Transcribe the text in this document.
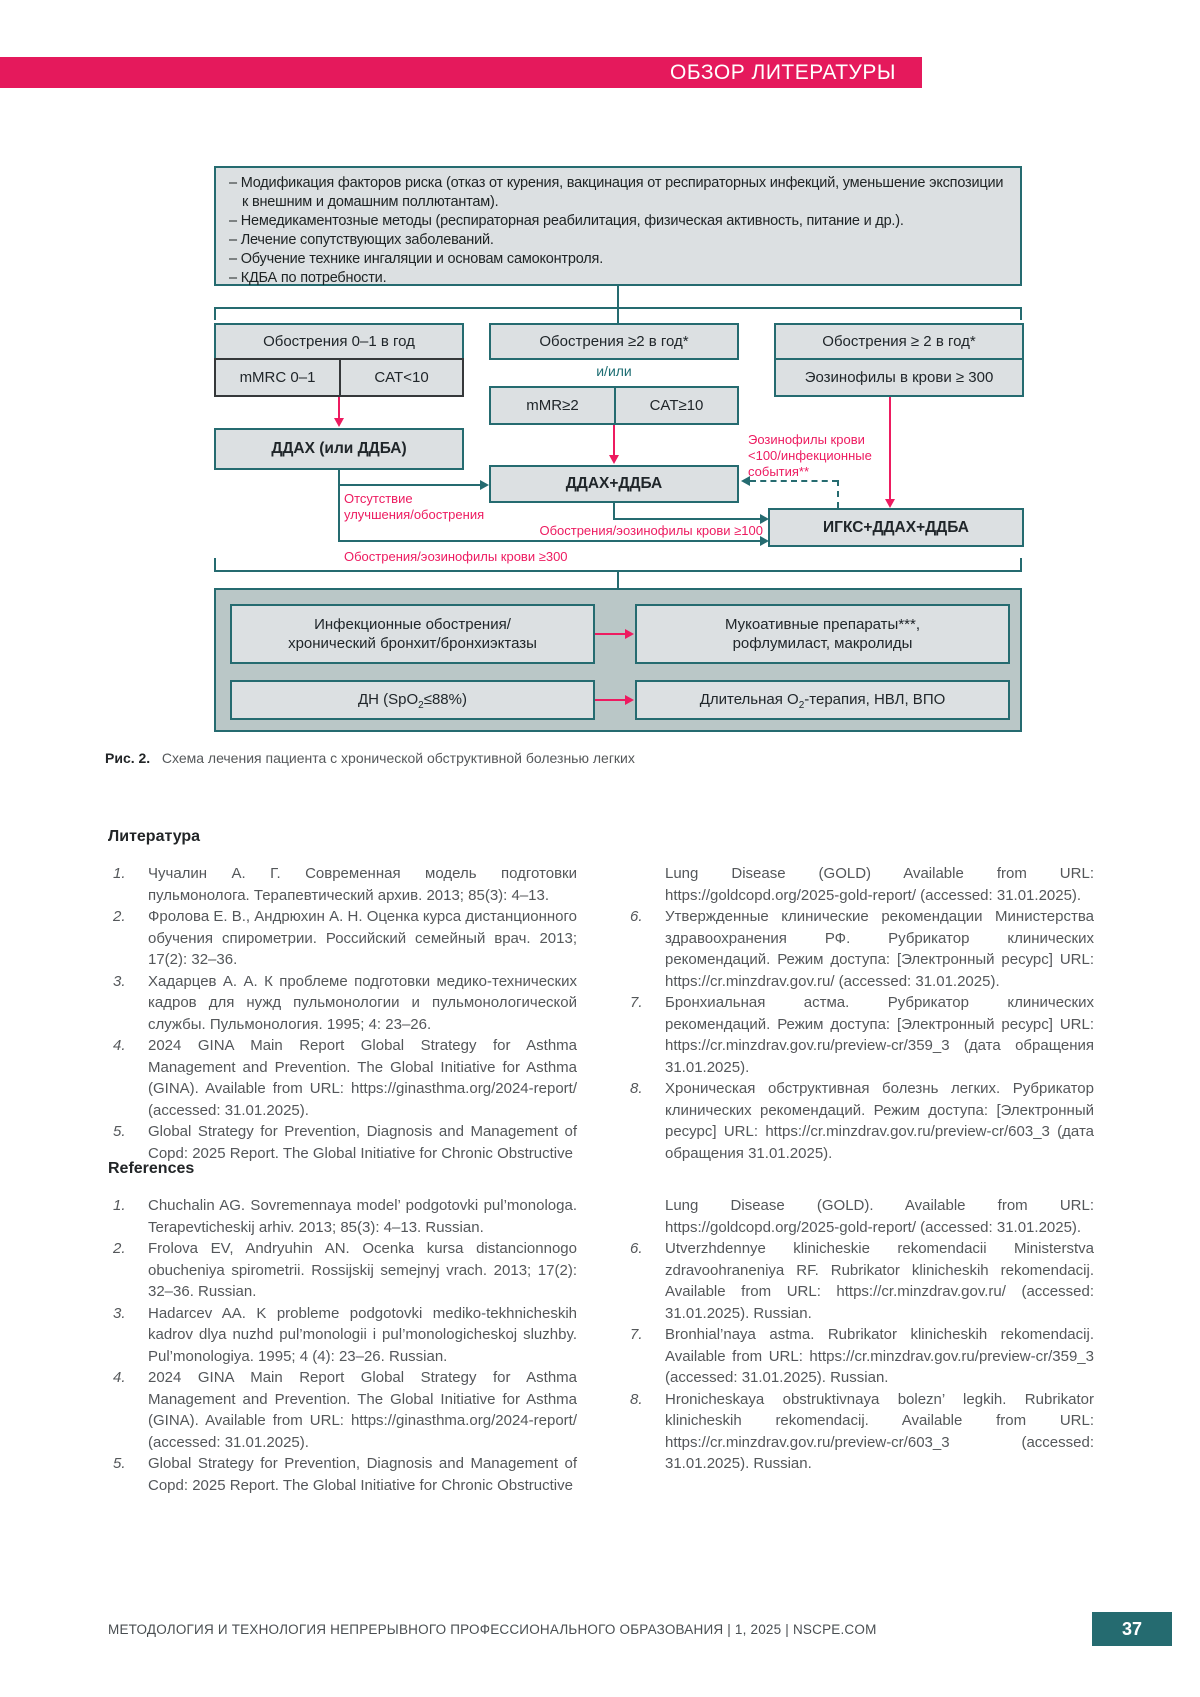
ОБЗОР ЛИТЕРАТУРЫ
– Модификация факторов риска (отказ от курения, вакцинация от респираторных инфекций, уменьшение экспозиции к внешним и домашним поллютантам).
– Немедикаментозные методы (респираторная реабилитация, физическая активность, питание и др.).
– Лечение сопутствующих заболеваний.
– Обучение технике ингаляции и основам самоконтроля.
– КДБА по потребности.
Обострения 0–1 в год	Обострения ≥2 в год*	Обострения ≥ 2 в год*
mMRC 0–1	CAT<10	Эозинофилы в крови ≥ 300
и/или
mMR≥2	CAT≥10
ДДАХ (или ДДБА)
ДДАХ+ДДБА
Эозинофилы крови
<100/инфекционные
события**
ИГКС+ДДАХ+ДДБА
Отсутствие
улучшения/обострения
Обострения/эозинофилы крови ≥100
Обострения/эозинофилы крови ≥300
Инфекционные обострения/
хронический бронхит/бронхиэктазы
Мукоативные препараты***,
рофлумиласт, макролиды
ДН (SpO$_2$≤88%)	Длительная $O_2$-терапия, НВЛ, ВПО
Рис. 2. Схема лечения пациента с хронической обструктивной болезнью легких
Литература
1.	Чучалин А. Г. Современная модель подготовки пульмонолога. Терапевтический архив. 2013; 85(3): 4–13.
2.	Фролова Е. В., Андрюхин А. Н. Оценка курса дистанционного обучения спирометрии. Российский семейный врач. 2013; 17(2): 32–36.
3.	Хадарцев А. А. К проблеме подготовки медико-технических кадров для нужд пульмонологии и пульмонологической службы. Пульмонология. 1995; 4: 23–26.
4.	2024 GINA Main Report Global Strategy for Asthma Management and Prevention. The Global Initiative for Asthma (GINA). Available from URL: https://ginasthma.org/2024-report/ (accessed: 31.01.2025).
5.	Global Strategy for Prevention, Diagnosis and Management of Copd: 2025 Report. The Global Initiative for Chronic Obstructive
Lung Disease (GOLD) Available from URL: https://goldcopd.org/2025-gold-report/ (accessed: 31.01.2025).
6.	Утвержденные клинические рекомендации Министерства здравоохранения РФ. Рубрикатор клинических рекомендаций. Режим доступа: [Электронный ресурс] URL: https://cr.minzdrav.gov.ru/ (accessed: 31.01.2025).
7.	Бронхиальная астма. Рубрикатор клинических рекомендаций. Режим доступа: [Электронный ресурс] URL: https://cr.minzdrav.gov.ru/preview-cr/359_3 (дата обращения 31.01.2025).
8.	Хроническая обструктивная болезнь легких. Рубрикатор клинических рекомендаций. Режим доступа: [Электронный ресурс] URL: https://cr.minzdrav.gov.ru/preview-cr/603_3 (дата обращения 31.01.2025).
References
1.	Chuchalin AG. Sovremennaya model’ podgotovki pul’monologa. Terapevticheskij arhiv. 2013; 85(3): 4–13. Russian.
2.	Frolova EV, Andryuhin AN. Ocenka kursa distancionnogo obucheniya spirometrii. Rossijskij semejnyj vrach. 2013; 17(2): 32–36. Russian.
3.	Hadarcev AA. K probleme podgotovki mediko-tekhnicheskih kadrov dlya nuzhd pul’monologii i pul’monologicheskoj sluzhby. Pul’monologiya. 1995; 4 (4): 23–26. Russian.
4.	2024 GINA Main Report Global Strategy for Asthma Management and Prevention. The Global Initiative for Asthma (GINA). Available from URL: https://ginasthma.org/2024-report/ (accessed: 31.01.2025).
5.	Global Strategy for Prevention, Diagnosis and Management of Copd: 2025 Report. The Global Initiative for Chronic Obstructive
Lung Disease (GOLD). Available from URL: https://goldcopd.org/2025-gold-report/ (accessed: 31.01.2025).
6.	Utverzhdennye klinicheskie rekomendacii Ministerstva zdravoohraneniya RF. Rubrikator klinicheskih rekomendacij. Available from URL: https://cr.minzdrav.gov.ru/ (accessed: 31.01.2025). Russian.
7.	Bronhial’naya astma. Rubrikator klinicheskih rekomendacij. Available from URL: https://cr.minzdrav.gov.ru/preview-cr/359_3 (accessed: 31.01.2025). Russian.
8.	Hronicheskaya obstruktivnaya bolezn’ legkih. Rubrikator klinicheskih rekomendacij. Available from URL: https://cr.minzdrav.gov.ru/preview-cr/603_3 (accessed: 31.01.2025). Russian.
МЕТОДОЛОГИЯ И ТЕХНОЛОГИЯ НЕПРЕРЫВНОГО ПРОФЕССИОНАЛЬНОГО ОБРАЗОВАНИЯ | 1, 2025 | NSCPE.COM	37
